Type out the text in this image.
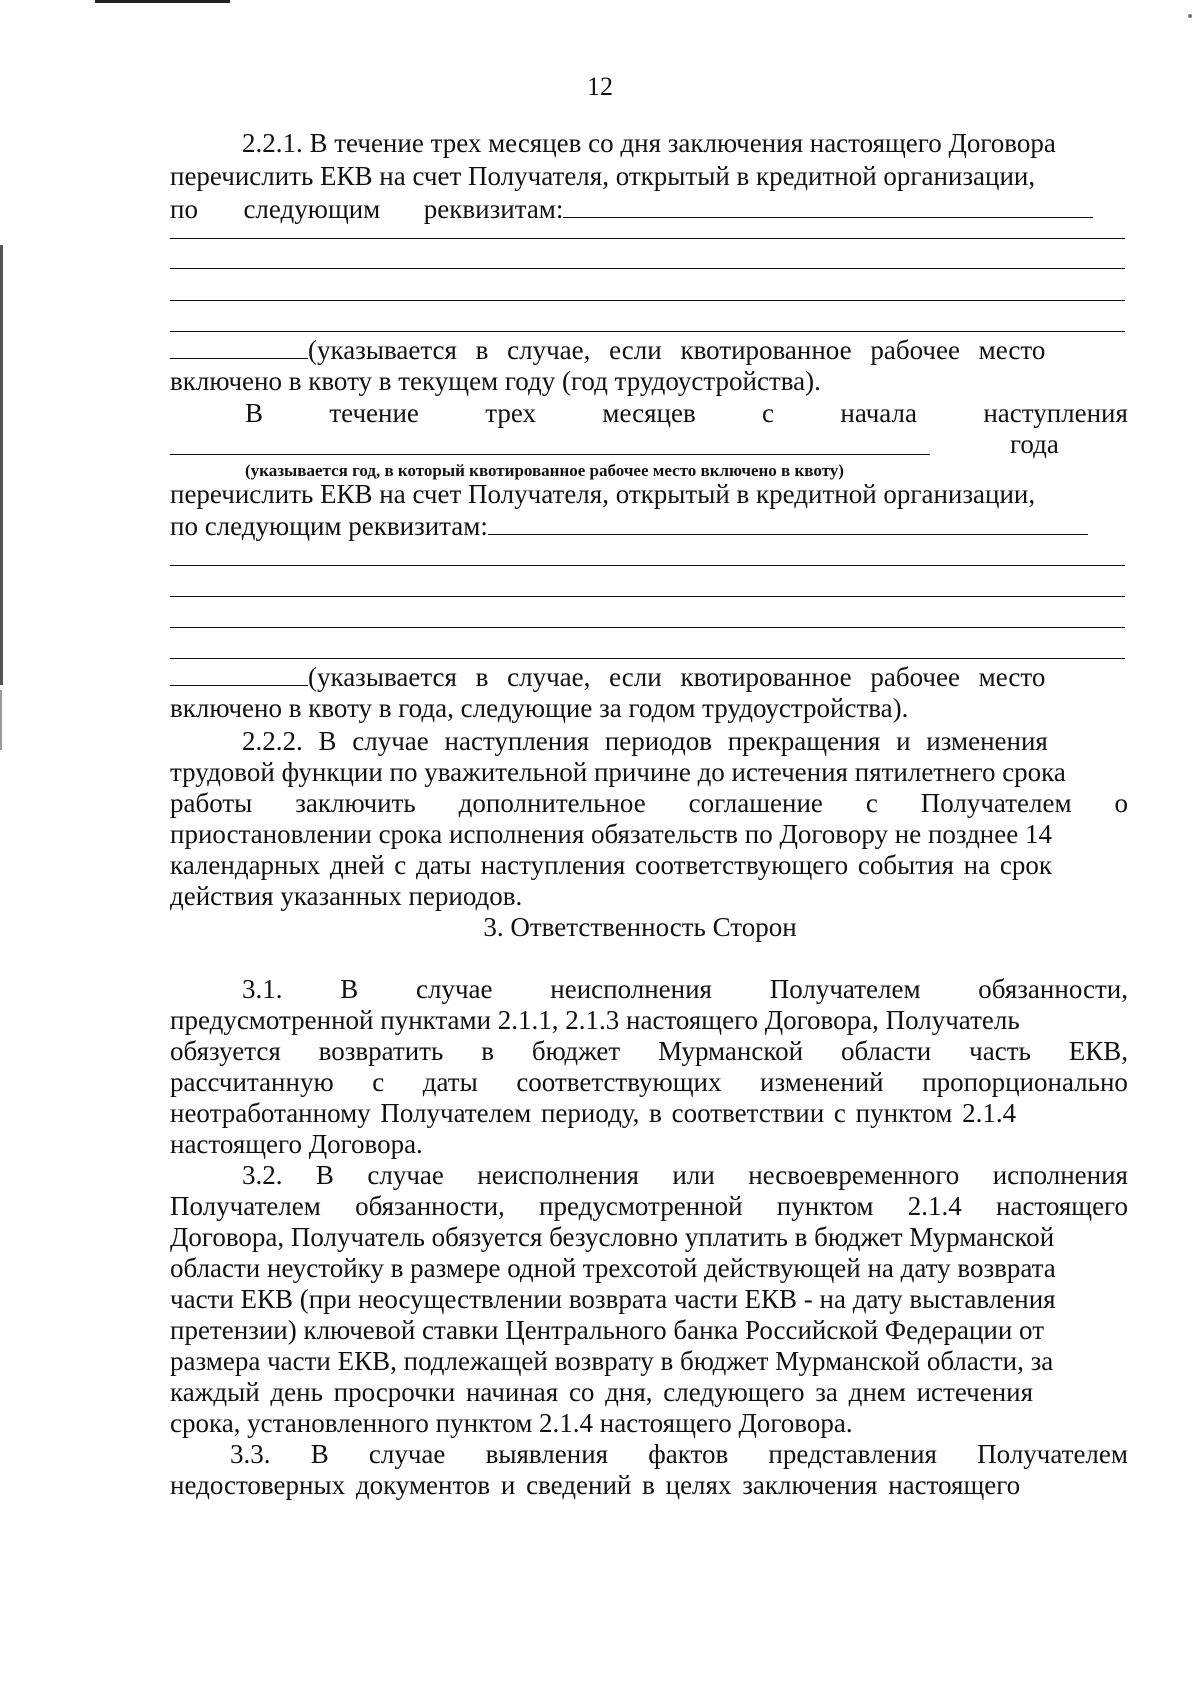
12
2.2.1. В течение трех месяцев со дня заключения настоящего Договора
перечислить ЕКВ на счет Получателя, открытый в кредитной организации,
по следующим реквизитам:
(указывается в случае, если квотированное рабочее место
включено в квоту в текущем году (год трудоустройства).
В течение трех месяцев с начала наступления
года
(указывается год, в который квотированное рабочее место включено в квоту)
перечислить ЕКВ на счет Получателя, открытый в кредитной организации,
по следующим реквизитам:
(указывается в случае, если квотированное рабочее место
включено в квоту в года, следующие за годом трудоустройства).
2.2.2. В случае наступления периодов прекращения и изменения
трудовой функции по уважительной причине до истечения пятилетнего срока
работы заключить дополнительное соглашение с Получателем о
приостановлении срока исполнения обязательств по Договору не позднее 14
календарных дней с даты наступления соответствующего события на срок
действия указанных периодов.
3. Ответственность Сторон
3.1. В случае неисполнения Получателем обязанности,
предусмотренной пунктами 2.1.1, 2.1.3 настоящего Договора, Получатель
обязуется возвратить в бюджет Мурманской области часть ЕКВ,
рассчитанную с даты соответствующих изменений пропорционально
неотработанному Получателем периоду, в соответствии с пунктом 2.1.4
настоящего Договора.
3.2. В случае неисполнения или несвоевременного исполнения
Получателем обязанности, предусмотренной пунктом 2.1.4 настоящего
Договора, Получатель обязуется безусловно уплатить в бюджет Мурманской
области неустойку в размере одной трехсотой действующей на дату возврата
части ЕКВ (при неосуществлении возврата части ЕКВ - на дату выставления
претензии) ключевой ставки Центрального банка Российской Федерации от
размера части ЕКВ, подлежащей возврату в бюджет Мурманской области, за
каждый день просрочки начиная со дня, следующего за днем истечения
срока, установленного пунктом 2.1.4 настоящего Договора.
3.3. В случае выявления фактов представления Получателем
недостоверных документов и сведений в целях заключения настоящего
